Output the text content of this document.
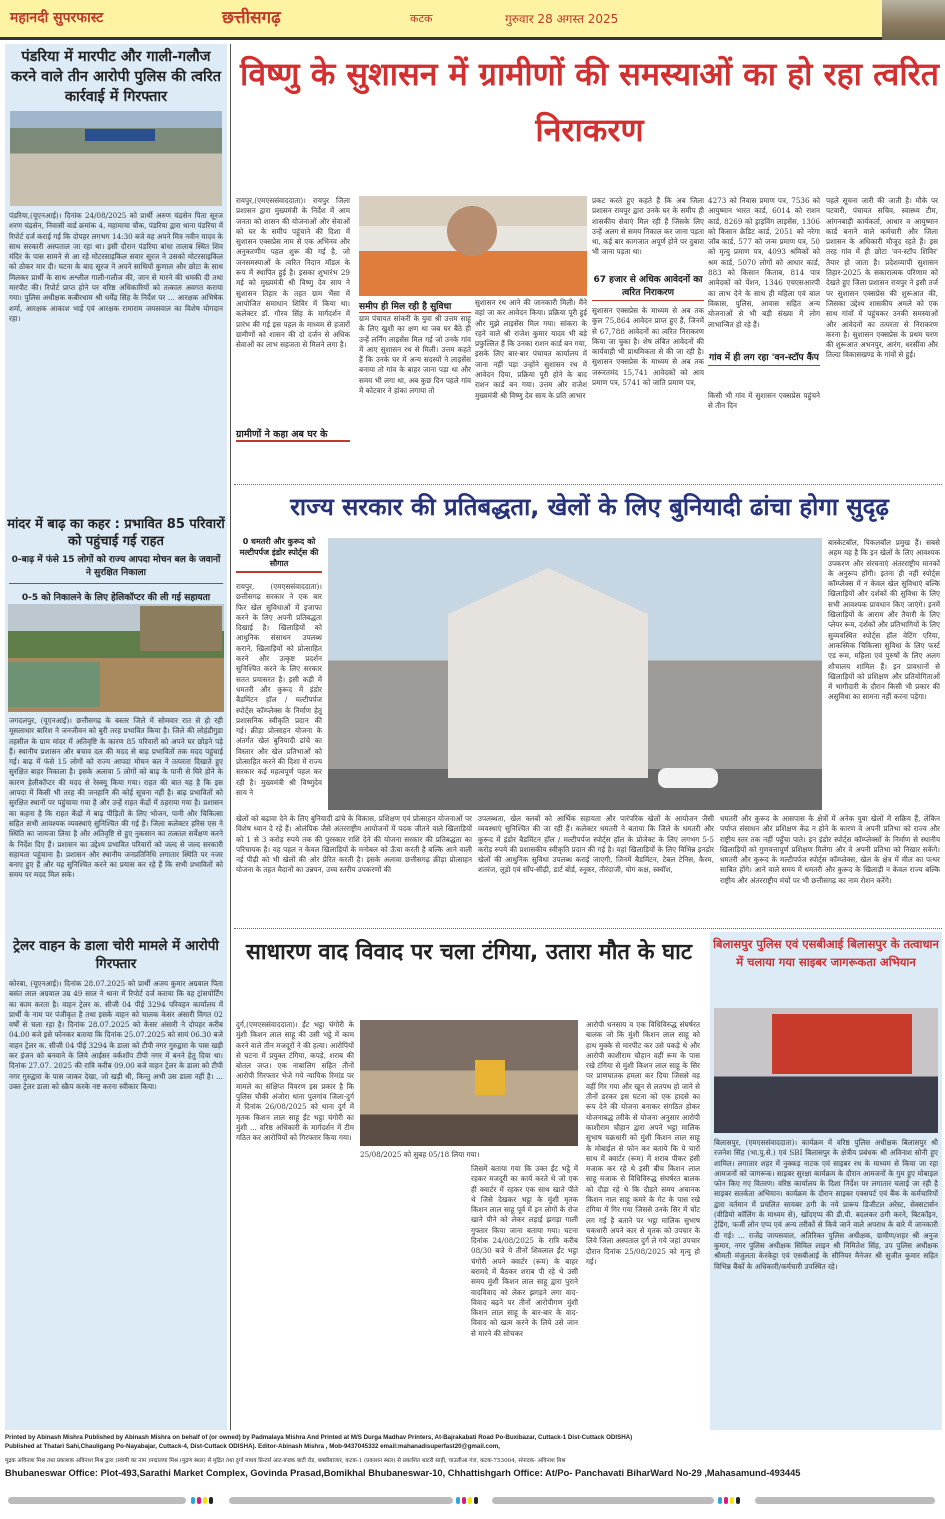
महानदी सुपरफास्ट	छत्तीसगढ़	कटक	गुरुवार 28 अगस्त 2025
पंडरिया में मारपीट और गाली-गलौज करने वाले तीन आरोपी पुलिस की त्वरित कार्रवाई में गिरफ्तार
पंडरिया,(यूएनआई)। दिनांक 24/08/2025 को प्रार्थी अरुण चंद्रसेन पिता सूरज शरण चंद्रसेन, निवासी वार्ड क्रमांक 4, महामाया चौक, पंडरिया द्वारा थाना पंडरिया में रिपोर्ट दर्ज कराई गई कि दोपहर लगभग 14:30 बजे वह अपने मित्र नवीन यादव के साथ सरकारी अस्पताल जा रहा था। इसी दौरान पंडरिया बांधा तालाब स्थित शिव मंदिर के पास सामने से आ रहे मोटरसाइकिल सवार सूरज ने उसको मोटरसाइकिल को ठोकर मार दी। घटना के बाद सूरज ने अपने साथियों कुणाल और छोटा के साथ मिलकर प्रार्थी के साथ अश्लील गाली-गलौज की, जान से मारने की धमकी दी तथा मारपीट की। रिपोर्ट प्राप्त होने पर वरिष्ठ अधिकारियों को तत्काल अवगत कराया गया। पुलिस अधीक्षक कबीरधाम श्री धर्मेंद्र सिंह के निर्देश पर ... आरक्षक अभिषेक शर्मा, आरक्षक आकाश भाई एवं आरक्षक रामाराम जयसवाल का विशेष योगदान रहा।
मांदर में बाढ़ का कहर : प्रभावित 85 परिवारों को पहुंचाई गई राहत
0-बाढ़ में फंसे 15 लोगों को राज्य आपदा मोचन बल के जवानों ने सुरक्षित निकाला
0-5 को निकालने के लिए हेलिकॉप्टर की ली गई सहायता
जगदलपुर, (यूएनआई)। छत्तीसगढ़ के बस्तर जिले में सोमवार रात से हो रही मूसलाधार बारिश ने जनजीवन को बुरी तरह प्रभावित किया है। जिले की लोहंडीगुडा तहसील के ग्राम मांदर में अतिवृष्टि के कारण 85 परिवारों को अपने घर छोड़ने पड़े हैं। स्थानीय प्रशासन और बचाव दल की मदद से बाढ़ प्रभावितों तक मदद पहुंचाई गई। बाढ़ में फंसे 15 लोगों को राज्य आपदा मोचन बल ने तत्परता दिखाते हुए सुरक्षित बाहर निकाला है। इसके अलावा 5 लोगों को बाढ़ के पानी से घिरे होने के कारण हेलीकॉप्टर की मदद से रेस्क्यू किया गया। राहत की बात यह है कि इस आपदा में किसी भी तरह की जनहानि की कोई सूचना नहीं है। बाढ़ प्रभावितों को सुरक्षित स्थानों पर पहुंचाया गया है और उन्हें राहत केंद्रों में ठहराया गया है। प्रशासन का कहना है कि राहत केंद्रों में बाढ़ पीड़ितों के लिए भोजन, पानी और चिकित्सा सहित सभी आवश्यक व्यवस्थाएं सुनिश्चित की गई हैं। जिला कलेक्टर हरिस एस ने स्थिति का जायजा लिया है और अतिवृष्टि से हुए नुकसान का तत्काल सर्वेक्षण करने के निर्देश दिए हैं। प्रशासन का उद्देश्य प्रभावित परिवारों को जल्द से जल्द सरकारी सहायता पहुंचाना है। प्रशासन और स्थानीय जनप्रतिनिधि लगातार स्थिति पर नजर बनाए हुए हैं और यह सुनिश्चित करने का प्रयास कर रहे हैं कि सभी प्रभावितों को समय पर मदद मिल सके।
ट्रेलर वाहन के डाला चोरी मामले में आरोपी गिरफ्तार
कोरबा, (यूएनआई)। दिनांक 28.07.2025 को प्रार्थी अजय कुमार अग्रवाल पिता बसंत लाल अग्रवाल उम्र 49 साल ने थाना में रिपोर्ट दर्ज कराया कि वह ट्रांसपोर्टिंग का काम करता है। वाहन ट्रेलर क. सीजी 04 पीई 3294 परिवहन कार्यालय में प्रार्थी के नाम पर पंजीकृत है तथा इसके वाहन को चालक केसर अंसारी विगत 02 वर्षों से चला रहा है। दिनांक 28.07.2025 को केसर अंसारी ने दोपहर करीब 04.00 बजे इसे फोनकर बताया कि दिनांक 25.07.2025 को सायं 06.30 बजे वाहन ट्रेलर क. सीजी 04 पीई 3294 के डाला को टीपी नगर गुरुद्वारा के पास खड़ी कर इंजन को बनवाने के लिये आईसर वर्कशॉप टीपी नगर में बनने हेतु दिया था। दिनांक 27.07. 2025 की रात्रि करीब 09.00 बजे वाहन ट्रेलर के डाला को टीपी नगर गुरुद्वारा के पास जाकर देखा, जो खड़ी थी, किन्तु अभी उस डाला नहीं है। ... उक्त ट्रेलर डाला को स्क्रैप करके नष्ट करना स्वीकार किया।
विष्णु के सुशासन में ग्रामीणों की समस्याओं का हो रहा त्वरित निराकरण
रायपुर,(एमएससंवाददाता)। रायपुर जिला प्रशासन द्वारा मुख्यमंत्री के निर्देश में आम जनता को शासन की योजनाओं और सेवाओं को घर के समीप पहुंचाने की दिशा में सुशासन एक्सप्रेस नाम से एक अभिनव और अनुकरणीय पहल शुरू की गई है, जो जनसमस्याओं के त्वरित निदान मॉडल के रूप में स्थापित हुई है। इसका शुभारंभ 29 मई को मुख्यमंत्री श्री विष्णु देव साय ने सुशासन तिहार के तहत ग्राम भैंसा में आयोजित समाधान शिविर में किया था। कलेक्टर डॉ. गौरव सिंह के मार्गदर्शन में प्रारंभ की गई इस पहल के माध्यम से हजारों ग्रामीणों को शासन की दो दर्जन से अधिक सेवाओं का लाभ सहजता से मिलने लगा है।
ग्रामीणों ने कहा अब घर के
समीप ही मिल रही है सुविधा
ग्राम पंचायत सांकरी के युवा श्री उत्तम साहू के लिए खुशी का क्षण था जब घर बैठे ही उन्हें लर्निंग लाइसेंस मिल गई जो उनके गांव में आए सुशासन रथ से मिली। उत्तम कहते हैं कि उनके घर में अन्य सदस्यों ने लाइसेंस बनाया तो गांव के बाहर जाना पड़ा था और समय भी लगा था, अब कुछ दिन पहले गांव में कोटवार ने हांका लगाया तो
सुशासन रथ आने की जानकारी मिली। मैंने वहां जा कर आवेदन किया। प्रक्रिया पूरी हुई और मुझे लाइसेंस मिल गया। सांकरा के रहने वाले श्री राजेश कुमार यादव भी बड़े प्रफुल्लित हैं कि उनका राशन कार्ड बन गया, इसके लिए बार-बार पंचायत कार्यालय में जाना नहीं पड़ा उन्होंने सुशासन रथ में आवेदन दिया, प्रक्रिया पूरी होने के बाद राशन कार्ड बन गया। उत्तम और राजेश मुख्यमंत्री श्री विष्णु देव साय के प्रति आभार
प्रकट करते हुए कहते हैं कि अब जिला प्रशासन रायपुर द्वारा उनके घर के समीप ही शासकीय सेवाएं मिल रही हैं जिसके लिए उन्हें अलग से समय निकाल कर जाना पड़ता था, कई बार कागजात अपूर्ण होने पर दुबारा भी जाना पड़ता था।
67 हजार से अधिक आवेदनों का त्वरित निराकरण
सुशासन एक्सप्रेस के माध्यम से अब तक कुल 75,864 आवेदन प्राप्त हुए हैं, जिनमें से 67,788 आवेदनों का त्वरित निराकरण किया जा चुका है। शेष लंबित आवेदनों की कार्यवाही भी प्राथमिकता से की जा रही है। सुशासन एक्सप्रेस के माध्यम से अब तक जरूरतमंद 15,741 आवेदकों को आय प्रमाण पत्र, 5741 को जाति प्रमाण पत्र,
4273 को निवास प्रमाण पत्र, 7536 को आयुष्मान भारत कार्ड, 6014 को राशन कार्ड, 8269 को ड्राइविंग लाइसेंस, 1306 को किसान क्रेडिट कार्ड, 2051 को नरेगा जॉब कार्ड, 577 को जन्म प्रमाण पत्र, 50 को मृत्यु प्रमाण पत्र, 4093 श्रमिकों को श्रम कार्ड, 5070 लोगों को आधार कार्ड, 883 को किसान किताब, 814 पात्र आवेदकों को पेंशन, 1346 एचएसआरपी का लाभ देने के साथ ही महिला एवं बाल विकास, पुलिस, आवास सहित अन्य योजनाओं से भी बड़ी संख्या में लोग लाभान्वित हो रहे हैं।
गांव में ही लग रहा 'वन-स्टॉप कैंप
किसी भी गांव में सुशासन एक्सप्रेस पहुंचने से तीन दिन
पहले सूचना जारी की जाती है। मौके पर पटवारी, पंचायत सचिव, स्वास्थ्य टीम, आंगनबाड़ी कार्यकर्ता, आधार व आयुष्मान कार्ड बनाने वाले कर्मचारी और जिला प्रशासन के अधिकारी मौजूद रहते हैं। इस तरह गांव में ही छोटा 'वन-स्टॉप शिविर' तैयार हो जाता है। प्रदेशव्यापी सुशासन तिहार-2025 के सकारात्मक परिणाम को देखते हुए जिला प्रशासन रायपुर ने इसी तर्ज पर सुशासन एक्सप्रेस की शुरूआत की, जिसका उद्देश्य शासकीय अमले को एक साथ गांवों में पहुंचकर उनकी समस्याओं और आवेदनों का तत्परता से निराकरण करना है। सुशासन एक्सप्रेस के प्रथम चरण की शुरूआत अभनपुर, आरंग, धरसींवा और तिल्दा विकासखण्ड के गांवों से हुई।
राज्य सरकार की प्रतिबद्धता, खेलों के लिए बुनियादी ढांचा होगा सुदृढ़
0 धमतरी और कुरूद को मल्टीपर्पज इंडोर स्पोर्ट्स की सौगात
रायपुर, (एमएससंवाददाता)। छत्तीसगढ़ सरकार ने एक बार फिर खेल सुविधाओं में इजाफा करने के लिए अपनी प्रतिबद्धता दिखाई है। खिलाड़ियों को आधुनिक संसाधन उपलब्ध कराने, खिलाड़ियों को प्रोत्साहित करने और उत्कृष्ट प्रदर्शन सुनिश्चित करने के लिए सरकार सतत प्रयासरत है। इसी कड़ी में धमतरी और कुरूद में इंडोर बैडमिंटन हॉल / मल्टीपर्पज स्पोर्ट्स कॉम्प्लेक्स के निर्माण हेतु प्रशासनिक स्वीकृति प्रदान की गई। क्रीड़ा प्रोत्साहन योजना के अंतर्गत खेल बुनियादी ढांचे का विस्तार और खेल प्रतिभाओं को प्रोत्साहित करने की दिशा में राज्य सरकार कई महत्वपूर्ण पहल कर रही है। मुख्यमंत्री श्री विष्णुदेव साय ने
बास्केटबॉल, पिकलबॉल प्रमुख हैं। सबसे अहम यह है कि इन खेलों के लिए आवश्यक उपकरण और संरचनाएं अंतरराष्ट्रीय मानकों के अनुरूप होंगी। इतना ही नहीं स्पोर्ट्स कॉम्प्लेक्स में न केवल खेल सुविधाएं बल्कि खिलाड़ियों और दर्शकों की सुविधा के लिए सभी आवश्यक प्रावधान किए जाएंगे। इनमें खिलाड़ियों के आराम और तैयारी के लिए प्लेयर रूम, दर्शकों और प्रतिभागियों के लिए सुव्यवस्थित स्पोर्ट्स हॉल वेटिंग एरिया, आकस्मिक चिकित्सा सुविधा के लिए फर्स्ट एड रूम, महिला एवं पुरुषों के लिए अलग शौचालय शामिल हैं। इन प्रावधानों से खिलाड़ियों को प्रशिक्षण और प्रतियोगिताओं में भागीदारी के दौरान किसी भी प्रकार की असुविधा का सामना नहीं करना पड़ेगा।
खेलों को बढ़ावा देने के लिए बुनियादी ढांचे के विकास, प्रशिक्षण एवं प्रोत्साहन योजनाओं पर विशेष ध्यान दे रहे हैं। ओलंपिक जैसे अंतरराष्ट्रीय आयोजनों में पदक जीतने वाले खिलाड़ियों को 1 से 3 करोड़ रुपये तक की पुरस्कार राशि देने की योजना सरकार की प्रतिबद्धता का परिचायक है। यह पहल न केवल खिलाड़ियों के मनोबल को ऊँचा करती है बल्कि आने वाली नई पीढ़ी को भी खेलों की ओर प्रेरित करती है। इसके अलावा छत्तीसगढ़ क्रीड़ा प्रोत्साहन योजना के तहत मैदानों का उन्नयन, उच्च स्तरीय उपकरणों की
उपलब्धता, खेल क्लबों को आर्थिक सहायता और पारंपरिक खेलों के आयोजन जैसी व्यवस्थाएं सुनिश्चित की जा रही हैं। कलेक्टर धमतरी ने बताया कि जिले के धमतरी और कुरूद में इंडोर बैडमिंटन हॉल / मल्टीपर्पज स्पोर्ट्स हॉल के प्रोजेक्ट के लिए लगभग 5-5 करोड़ रुपये की प्रशासकीय स्वीकृति प्रदान की गई है। यहां खिलाड़ियों के लिए विभिन्न इनडोर खेलों की आधुनिक सुविधा उपलब्ध कराई जाएगी, जिनमें बैडमिंटन, टेबल टेनिस, कैरम, शतरंज, लूडो एवं साँप-सीढ़ी, डार्ट बोर्ड, स्नूकर, तीरंदाजी, योग कक्ष, स्क्वॉश,
धमतरी और कुरूद के आसपास के क्षेत्रों में अनेक युवा खेलों में सक्रिय हैं, लेकिन पर्याप्त संसाधन और प्रशिक्षण केंद्र न होने के कारण वे अपनी प्रतिभा को राज्य और राष्ट्रीय स्तर तक नहीं पहुँचा पाते। इन इंडोर स्पोर्ट्स कॉम्प्लेक्सों के निर्माण से स्थानीय खिलाड़ियों को गुणवत्तापूर्ण प्रशिक्षण मिलेगा और वे अपनी प्रतिभा को निखार सकेंगे। धमतरी और कुरूद के मल्टीपर्पज स्पोर्ट्स कॉम्प्लेक्स, खेल के क्षेत्र में मील का पत्थर साबित होंगे। आने वाले समय में धमतरी और कुरूद के खिलाड़ी न केवल राज्य बल्कि राष्ट्रीय और अंतरराष्ट्रीय मंचों पर भी छत्तीसगढ़ का नाम रोशन करेंगे।
साधारण वाद विवाद पर चला टंगिया, उतारा मौत के घाट
दुर्ग,(एमएससंवाददाता)। ईंट भट्ठा चंगोरी के मुंशी किशन लाल साहू की उसी भट्ठे में काम करने वाले तीन मजदूरों ने की हत्या। आरोपियों से घटना में प्रयुक्त टंगिया, कपड़े, शराब की बोतल जप्त। एक नाबालिग सहित तीनों आरोपी गिरफ्तार भेजे गये न्यायिक रिमांड पर मामले का संक्षिप्त विवरण इस प्रकार है कि पुलिस चौकी अंजोरा थाना पुलगांव जिला-दुर्ग में दिनांक 26/08/2025 को थाना दुर्ग में मृतक किशन लाल साहू ईंट भट्ठा चंगोरी का मुंशी ... वरिष्ठ अधिकारी के मार्गदर्शन में टीम गठित कर आरोपियों को गिरफ्तार किया गया।
25/08/2025 को सुबह 05/18 लिया गया।
जिसमें बताया गया कि उक्त ईंट भट्ठे में रहकर मजदूरी का कार्य करते थे जो एक ही क्वार्टर में रहकर एक साथ खाते पीते थे जिसे देखकर भट्ठा के मुंशी मृतक किशन लाल साहू पूर्व में इन लोगों के रोज खाने पीने को लेकर लड़ाई झगड़ा गाली गुफ्तार किया जाना बताया गया। घटना दिनांक 24/08/2025 के रात्रि करीब 08/30 बजे ये तीनों शिवलाल ईंट भट्ठा चंगोरी अपने क्वार्टर (रूम) के बाहर बरामदे में बैठकर शराब पी रहे थे उसी समय मुंशी किशन लाल साहू द्वारा पुराने वादविवाद को लेकर झगड़ने लगा वाद-विवाद बढ़ने पर तीनों आरोपीगण मुंशी किशन लाल साहू के बार-बार के वाद-विवाद को खत्म करने के लिये उसे जान से मारने की सोचकर
आरोपी धनसाय व एक विधिविरुद्ध संघर्षरत बालक जो कि मुंशी किशन लाल साहू को हाथ मुक्के से मारपीट कर उसे पकड़े थे और आरोपी काशीराम चौहान वहीं रूम के पास रखे टंगिया से मुंशी किशन लाल साहू के सिर पर प्राणघातक हमला कर दिया जिससे वह वहीं गिर गया और खून से लतपथ हो जाने से तीनों डरकर इस घटना को एक हादसे का रूप देने की योजना बनाकर संगठित होकर योजनाबद्ध तरीके से योजना अनुसार आरोपी काशीराम चौहान द्वारा अपने भट्ठा मालिक सुभाष चक्रधारी को मुंशी किशन लाल साहू के मोबाईल से फोन कर बताये कि ये चारों साथ में क्वार्टर (रूम) में शराब पीकर हंसी मजाक कर रहे थे इसी बीच किशन लाल साहू मजाक से विधिविरुद्ध संघर्षरत बालक को दौड़ा रहे थे कि दौड़ते समय अचानक किशन नाल साहू कमरे के गेट के पास रखे टंगिया में गिर गया जिससे उनके सिर में चोंट लग गई है बताने पर भट्ठा मालिक सुभाष चकधारी अपने कार से मृतक को उपचार के लिये जिला अस्पताल दुर्ग ले गये जहां उपचार दौरान दिनांक 25/08/2025 को मृत्यु हो गई।
बिलासपुर पुलिस एवं एसबीआई बिलासपुर के तत्वाधान में चलाया गया साइबर जागरूकता अभियान
बिलासपुर, (एमएससंवाददाता)। कार्यक्रम में वरिष्ठ पुलिस अधीक्षक बिलासपुर श्री रजनेश सिंह (भा.पु.से.) एवं SBI बिलासपुर के क्षेत्रीय प्रबंधक श्री अविनाश सोनी हुए शामिल। लगातार शहर में नुक्कड़ नाटक एवं साइबर रथ के माध्यम से किया जा रहा आमजनों को जागरूक। साइबर सुरक्षा कार्यक्रम के दौरान आमजनों के गुम हुए मोबाइल फोन किए गए वितरण। वरिष्ठ कार्यालय के दिशा निर्देश पर लगातार चलाई जा रही है साइबर सतर्कता अभियान। कार्यक्रम के दौरान साइबर एक्सपर्ट एवं बैंक के कर्मचारियों द्वारा वर्तमान में प्रचलित सायबर ठगी के नये प्रारूप डिजीटल अरेस्ट, सेक्सटार्सन (वीडियो कॉलिंग के माध्यम से), खोंदएप्प की डी.पी. बदलकर ठगी करने, बिटकॉइन, ट्रेडिंग, फर्जी लोन एप्प एवं अन्य तरीकों से किये जाने वाले अपराध के बारे में जानकारी दी गई। ... राजेंद्र जायसवाल, अतिरिक्त पुलिस अधीक्षक, ग्रामीण/शहर श्री अनुज कुमार, नगर पुलिस अधीक्षक सिविल लाइन श्री निमितेश सिंह, उप पुलिस अधीक्षक श्रीमती मंजुलता केरकेट्टा एवं एसबीआई के सीनियर मैनेजर श्री सुजीत कुमार सहित विभिन्न बैंकों के अधिकारी/कर्मचारी उपस्थित रहे।
Printed by Abinash Mishra Published by Abinash Mishra on behalf of (or owned) by Padmalaya Mishra And Printed at M/S Durga Madhav Printers, At-Bajrakabati Road Po-Buxibazar, Cuttack-1 Dist-Cuttack ODISHA)
Published at Thatari Sahi,Chauligang Po-Nayabajar, Cuttack-4, Dist-Cuttack ODISHA). Editor-Abinash Mishra , Mob-9437045332 email:mahanadisuperfast20@gmail.com,
मुद्रक अविनाश मिश्र तथा प्रकाशक अविनाश मिश्र द्वारा (स्वामी का नाम )पद्मालया मिश्र (मुद्रण स्थल) से मुद्रित तथा दुर्गा माधव प्रिन्टर्स आट-बज्रक बाटी रोड, बक्सीबाजार, कटक-1 (प्रकाशन स्थल) से प्रकाशित थाटरी साही, चाउलीआ गंज, कटक-753004, संपादक- अविनाश मिश्र
Bhubaneswar Office: Plot-493,Sarathi Market Complex, Govinda Prasad,Bomikhal Bhubaneswar-10, Chhattishgarh Office: At/Po- Panchavati BiharWard No-29 ,Mahasamund-493445
